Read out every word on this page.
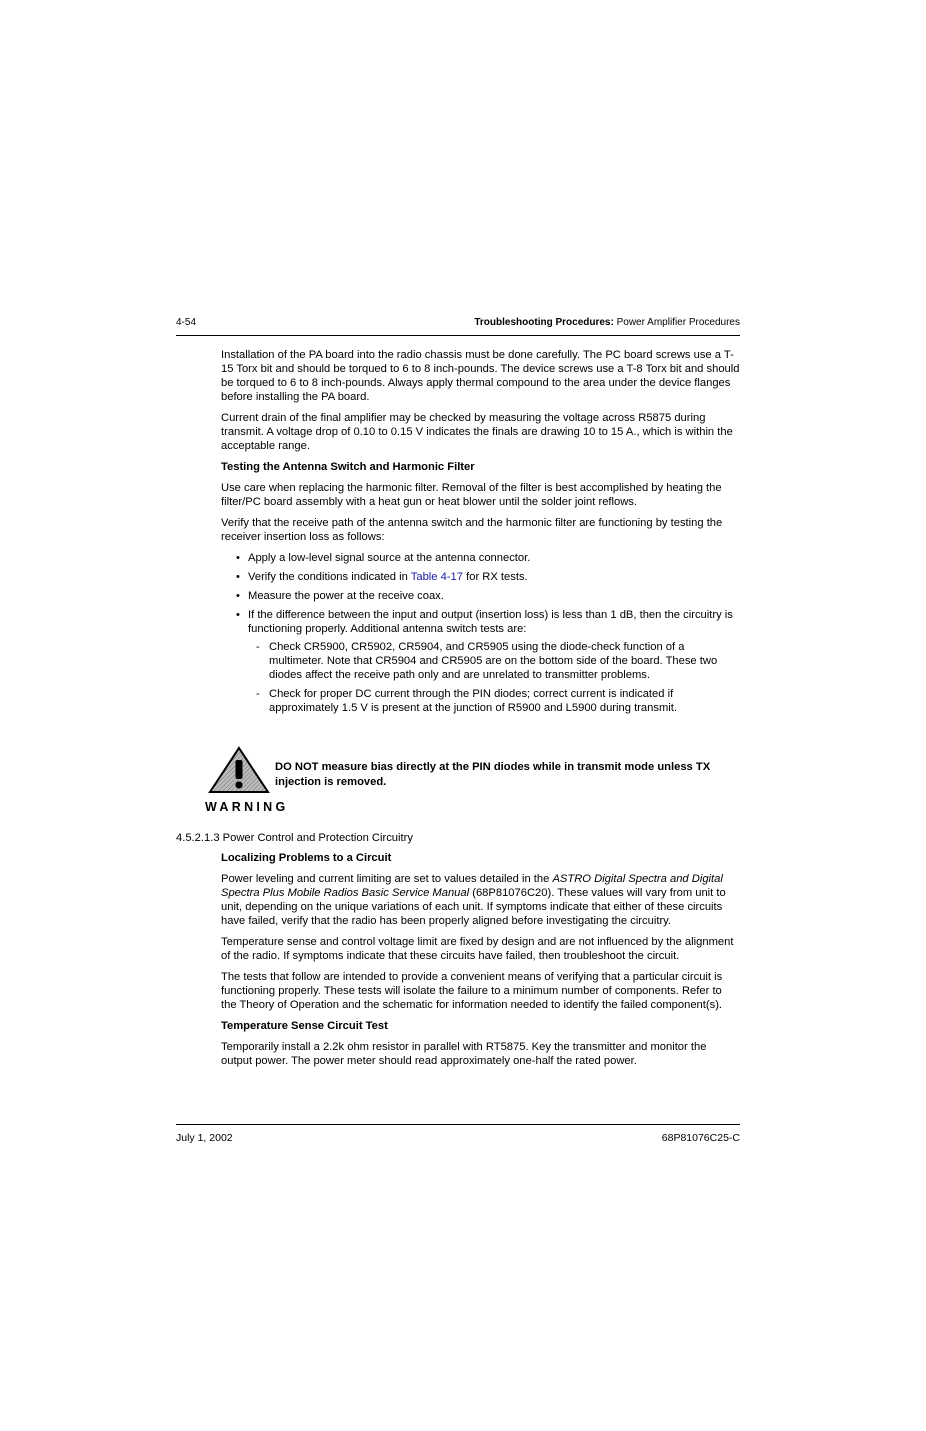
4-54	Troubleshooting Procedures: Power Amplifier Procedures

Installation of the PA board into the radio chassis must be done carefully. The PC board screws use a T-15 Torx bit and should be torqued to 6 to 8 inch-pounds. The device screws use a T-8 Torx bit and should be torqued to 6 to 8 inch-pounds. Always apply thermal compound to the area under the device flanges before installing the PA board.

Current drain of the final amplifier may be checked by measuring the voltage across R5875 during transmit. A voltage drop of 0.10 to 0.15 V indicates the finals are drawing 10 to 15 A., which is within the acceptable range.

Testing the Antenna Switch and Harmonic Filter

Use care when replacing the harmonic filter. Removal of the filter is best accomplished by heating the filter/PC board assembly with a heat gun or heat blower until the solder joint reflows.

Verify that the receive path of the antenna switch and the harmonic filter are functioning by testing the receiver insertion loss as follows:

• Apply a low-level signal source at the antenna connector.
• Verify the conditions indicated in Table 4-17 for RX tests.
• Measure the power at the receive coax.
• If the difference between the input and output (insertion loss) is less than 1 dB, then the circuitry is functioning properly. Additional antenna switch tests are:
- Check CR5900, CR5902, CR5904, and CR5905 using the diode-check function of a multimeter. Note that CR5904 and CR5905 are on the bottom side of the board. These two diodes affect the receive path only and are unrelated to transmitter problems.
- Check for proper DC current through the PIN diodes; correct current is indicated if approximately 1.5 V is present at the junction of R5900 and L5900 during transmit.
WARNING
DO NOT measure bias directly at the PIN diodes while in transmit mode unless TX injection is removed.
4.5.2.1.3 Power Control and Protection Circuitry
Localizing Problems to a Circuit

Power leveling and current limiting are set to values detailed in the ASTRO Digital Spectra and Digital Spectra Plus Mobile Radios Basic Service Manual (68P81076C20). These values will vary from unit to unit, depending on the unique variations of each unit. If symptoms indicate that either of these circuits have failed, verify that the radio has been properly aligned before investigating the circuitry.

Temperature sense and control voltage limit are fixed by design and are not influenced by the alignment of the radio. If symptoms indicate that these circuits have failed, then troubleshoot the circuit.

The tests that follow are intended to provide a convenient means of verifying that a particular circuit is functioning properly. These tests will isolate the failure to a minimum number of components. Refer to the Theory of Operation and the schematic for information needed to identify the failed component(s).

Temperature Sense Circuit Test

Temporarily install a 2.2k ohm resistor in parallel with RT5875. Key the transmitter and monitor the output power. The power meter should read approximately one-half the rated power.

July 1, 2002	68P81076C25-C
